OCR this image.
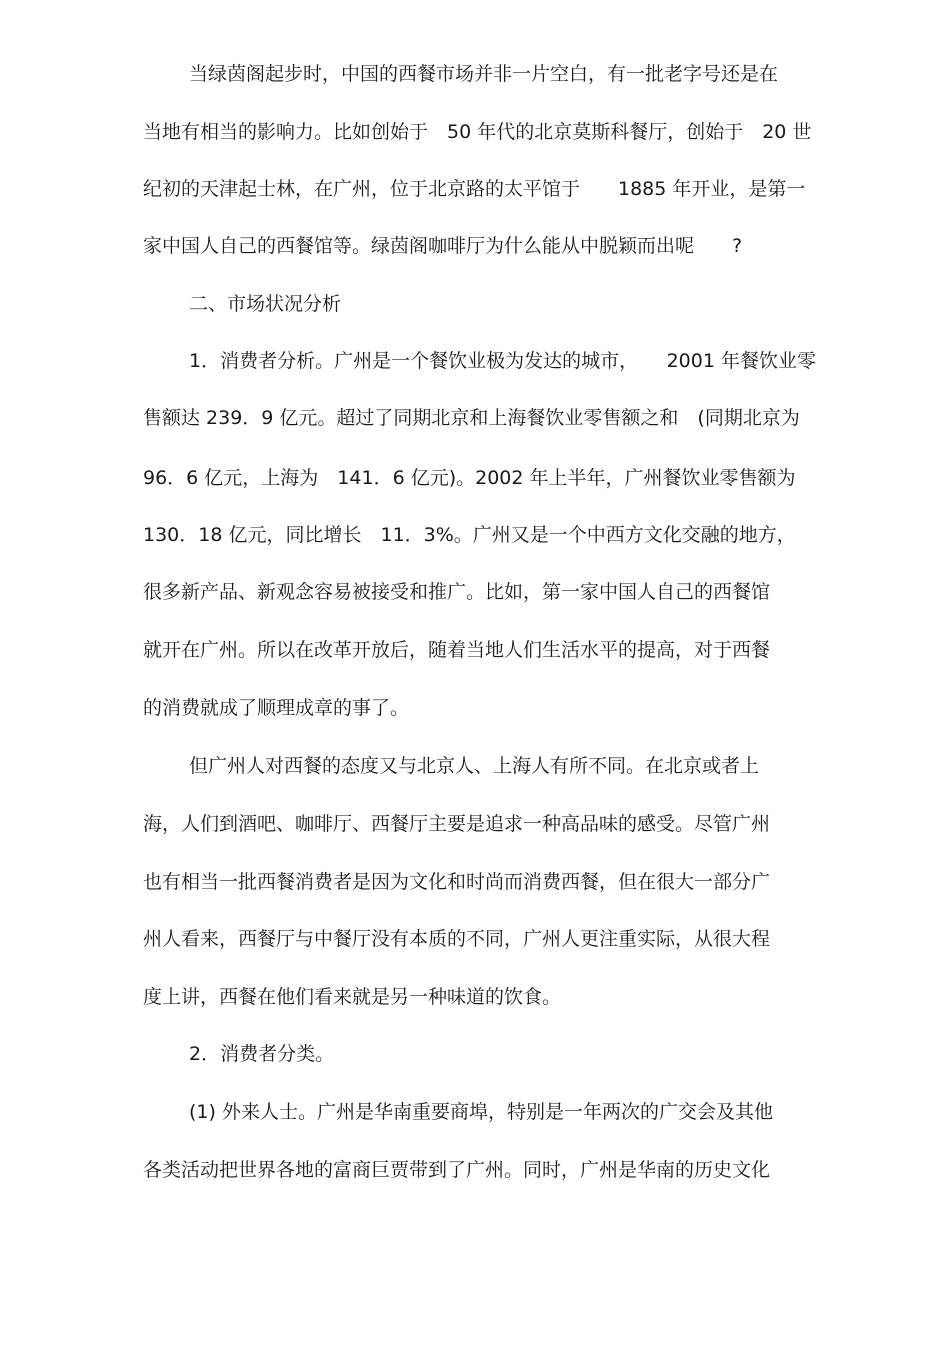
当绿茵阁起步时，中国的西餐市场并非一片空白，有一批老字号还是在
当地有相当的影响力。比如创始于　50 年代的北京莫斯科餐厅，创始于　20 世
纪初的天津起士林，在广州，位于北京路的太平馆于　　1885 年开业，是第一
家中国人自己的西餐馆等。绿茵阁咖啡厅为什么能从中脱颖而出呢　　?
二、市场状况分析
1．消费者分析。广州是一个餐饮业极为发达的城市，　　2001 年餐饮业零
售额达 239．9 亿元。超过了同期北京和上海餐饮业零售额之和　(同期北京为
96．6 亿元，上海为　141．6 亿元)。2002 年上半年，广州餐饮业零售额为
130．18 亿元，同比增长　11．3%。广州又是一个中西方文化交融的地方，
很多新产品、新观念容易被接受和推广。比如，第一家中国人自己的西餐馆
就开在广州。所以在改革开放后，随着当地人们生活水平的提高，对于西餐
的消费就成了顺理成章的事了。
但广州人对西餐的态度又与北京人、上海人有所不同。在北京或者上
海，人们到酒吧、咖啡厅、西餐厅主要是追求一种高品味的感受。尽管广州
也有相当一批西餐消费者是因为文化和时尚而消费西餐，但在很大一部分广
州人看来，西餐厅与中餐厅没有本质的不同，广州人更注重实际，从很大程
度上讲，西餐在他们看来就是另一种味道的饮食。
2．消费者分类。
(1) 外来人士。广州是华南重要商埠，特别是一年两次的广交会及其他
各类活动把世界各地的富商巨贾带到了广州。同时，广州是华南的历史文化
